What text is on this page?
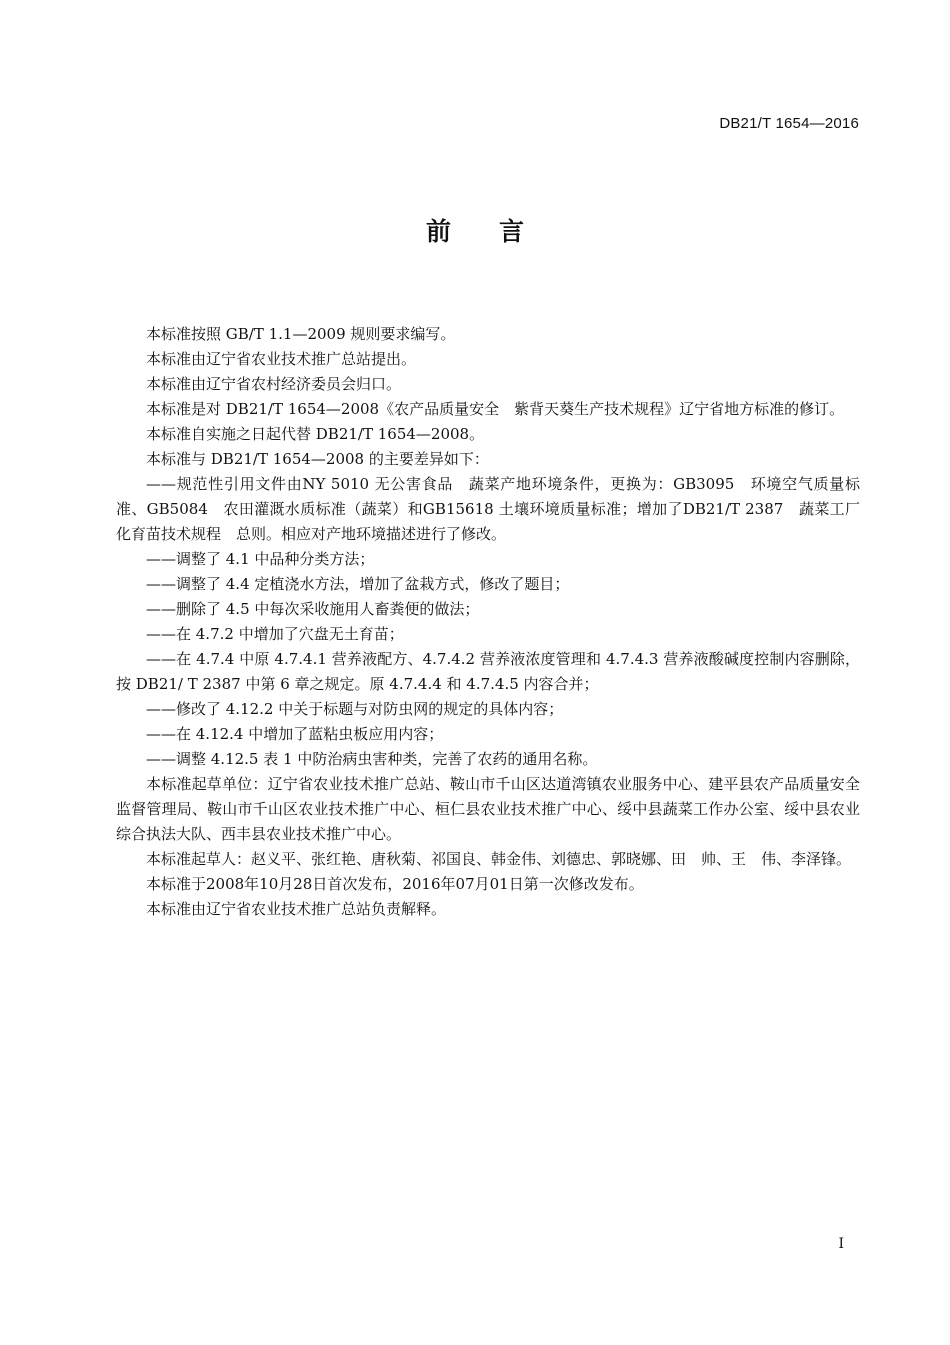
DB21/T 1654—2016
前言

本标准按照 GB/T 1.1—2009 规则要求编写。

本标准由辽宁省农业技术推广总站提出。

本标准由辽宁省农村经济委员会归口。

本标准是对 DB21/T 1654—2008《农产品质量安全　紫背天葵生产技术规程》辽宁省地方标准的修订。

本标准自实施之日起代替 DB21/T 1654—2008。

本标准与 DB21/T 1654—2008 的主要差异如下：

——规范性引用文件由NY 5010 无公害食品　蔬菜产地环境条件，更换为：GB3095　环境空气质量标准、GB5084　农田灌溉水质标准（蔬菜）和GB15618 土壤环境质量标准；增加了DB21/T 2387　蔬菜工厂化育苗技术规程　总则。相应对产地环境描述进行了修改。

——调整了 4.1 中品种分类方法；

——调整了 4.4 定植浇水方法，增加了盆栽方式，修改了题目；

——删除了 4.5 中每次采收施用人畜粪便的做法；

——在 4.7.2 中增加了穴盘无土育苗；

——在 4.7.4 中原 4.7.4.1 营养液配方、4.7.4.2 营养液浓度管理和 4.7.4.3 营养液酸碱度控制内容删除，按 DB21/ T 2387 中第 6 章之规定。原 4.7.4.4 和 4.7.4.5 内容合并；

——修改了 4.12.2 中关于标题与对防虫网的规定的具体内容；

——在 4.12.4 中增加了蓝粘虫板应用内容；

——调整 4.12.5 表 1 中防治病虫害种类，完善了农药的通用名称。

本标准起草单位：辽宁省农业技术推广总站、鞍山市千山区达道湾镇农业服务中心、建平县农产品质量安全监督管理局、鞍山市千山区农业技术推广中心、桓仁县农业技术推广中心、绥中县蔬菜工作办公室、绥中县农业综合执法大队、西丰县农业技术推广中心。

本标准起草人：赵义平、张红艳、唐秋菊、祁国良、韩金伟、刘德忠、郭晓娜、田　帅、王　伟、李泽锋。

本标准于2008年10月28日首次发布，2016年07月01日第一次修改发布。

本标准由辽宁省农业技术推广总站负责解释。

I
